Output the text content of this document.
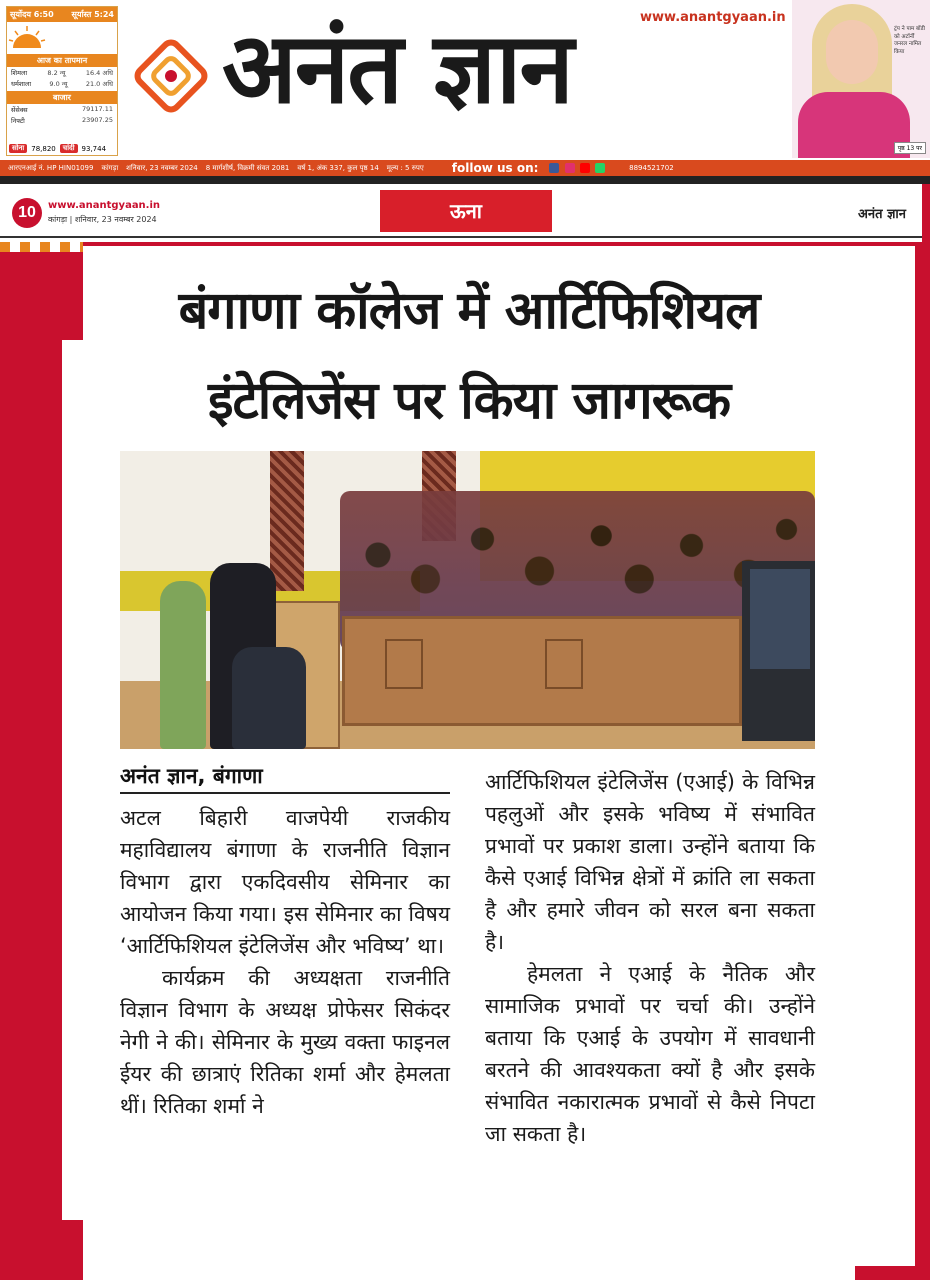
सूर्योदय 6:50 सूर्यास्त 5:24
आज का तापमान
शिमला	8.2 न्यू	16.4 अधि
धर्मशाला	9.0 न्यू	21.0 अधि
बाजार
सेंसेक्स	79117.11
निफ्टी	23907.25
सोना	78,820	चांदी	93,744
अनंत ज्ञान	www.anantgyaan.in
ट्रंप ने पाम बोंडी को अटॉर्नी जनरल नामित किया
पृष्ठ 13 पर
आरएनआई नं. HP HIN01099 कांगड़ा शनिवार, 23 नवम्बर 2024 8 मार्गशीर्ष, विक्रमी संवत 2081 वर्ष 1, अंक 337, कुल पृष्ठ 14 मूल्य : 5 रुपए follow us on:
	8894521702
10	www.anantgyaan.in
कांगड़ा | शनिवार, 23 नवम्बर 2024	ऊना	अनंत ज्ञान
बंगाणा कॉलेज में आर्टिफिशियल
इंटेलिजेंस पर किया जागरूक
अनंत ज्ञान, बंगाणा

अटल बिहारी वाजपेयी राजकीय महाविद्यालय बंगाणा के राजनीति विज्ञान विभाग द्वारा एकदिवसीय सेमिनार का आयोजन किया गया। इस सेमिनार का विषय ‘आर्टिफिशियल इंटेलिजेंस और भविष्य’ था।

कार्यक्रम की अध्यक्षता राजनीति विज्ञान विभाग के अध्यक्ष प्रोफेसर सिकंदर नेगी ने की। सेमिनार के मुख्य वक्ता फाइनल ईयर की छात्राएं रितिका शर्मा और हेमलता थीं। रितिका शर्मा ने

आर्टिफिशियल इंटेलिजेंस (एआई) के विभिन्न पहलुओं और इसके भविष्य में संभावित प्रभावों पर प्रकाश डाला। उन्होंने बताया कि कैसे एआई विभिन्न क्षेत्रों में क्रांति ला सकता है और हमारे जीवन को सरल बना सकता है।

हेमलता ने एआई के नैतिक और सामाजिक प्रभावों पर चर्चा की। उन्होंने बताया कि एआई के उपयोग में सावधानी बरतने की आवश्यकता क्यों है और इसके संभावित नकारात्मक प्रभावों से कैसे निपटा जा सकता है।
